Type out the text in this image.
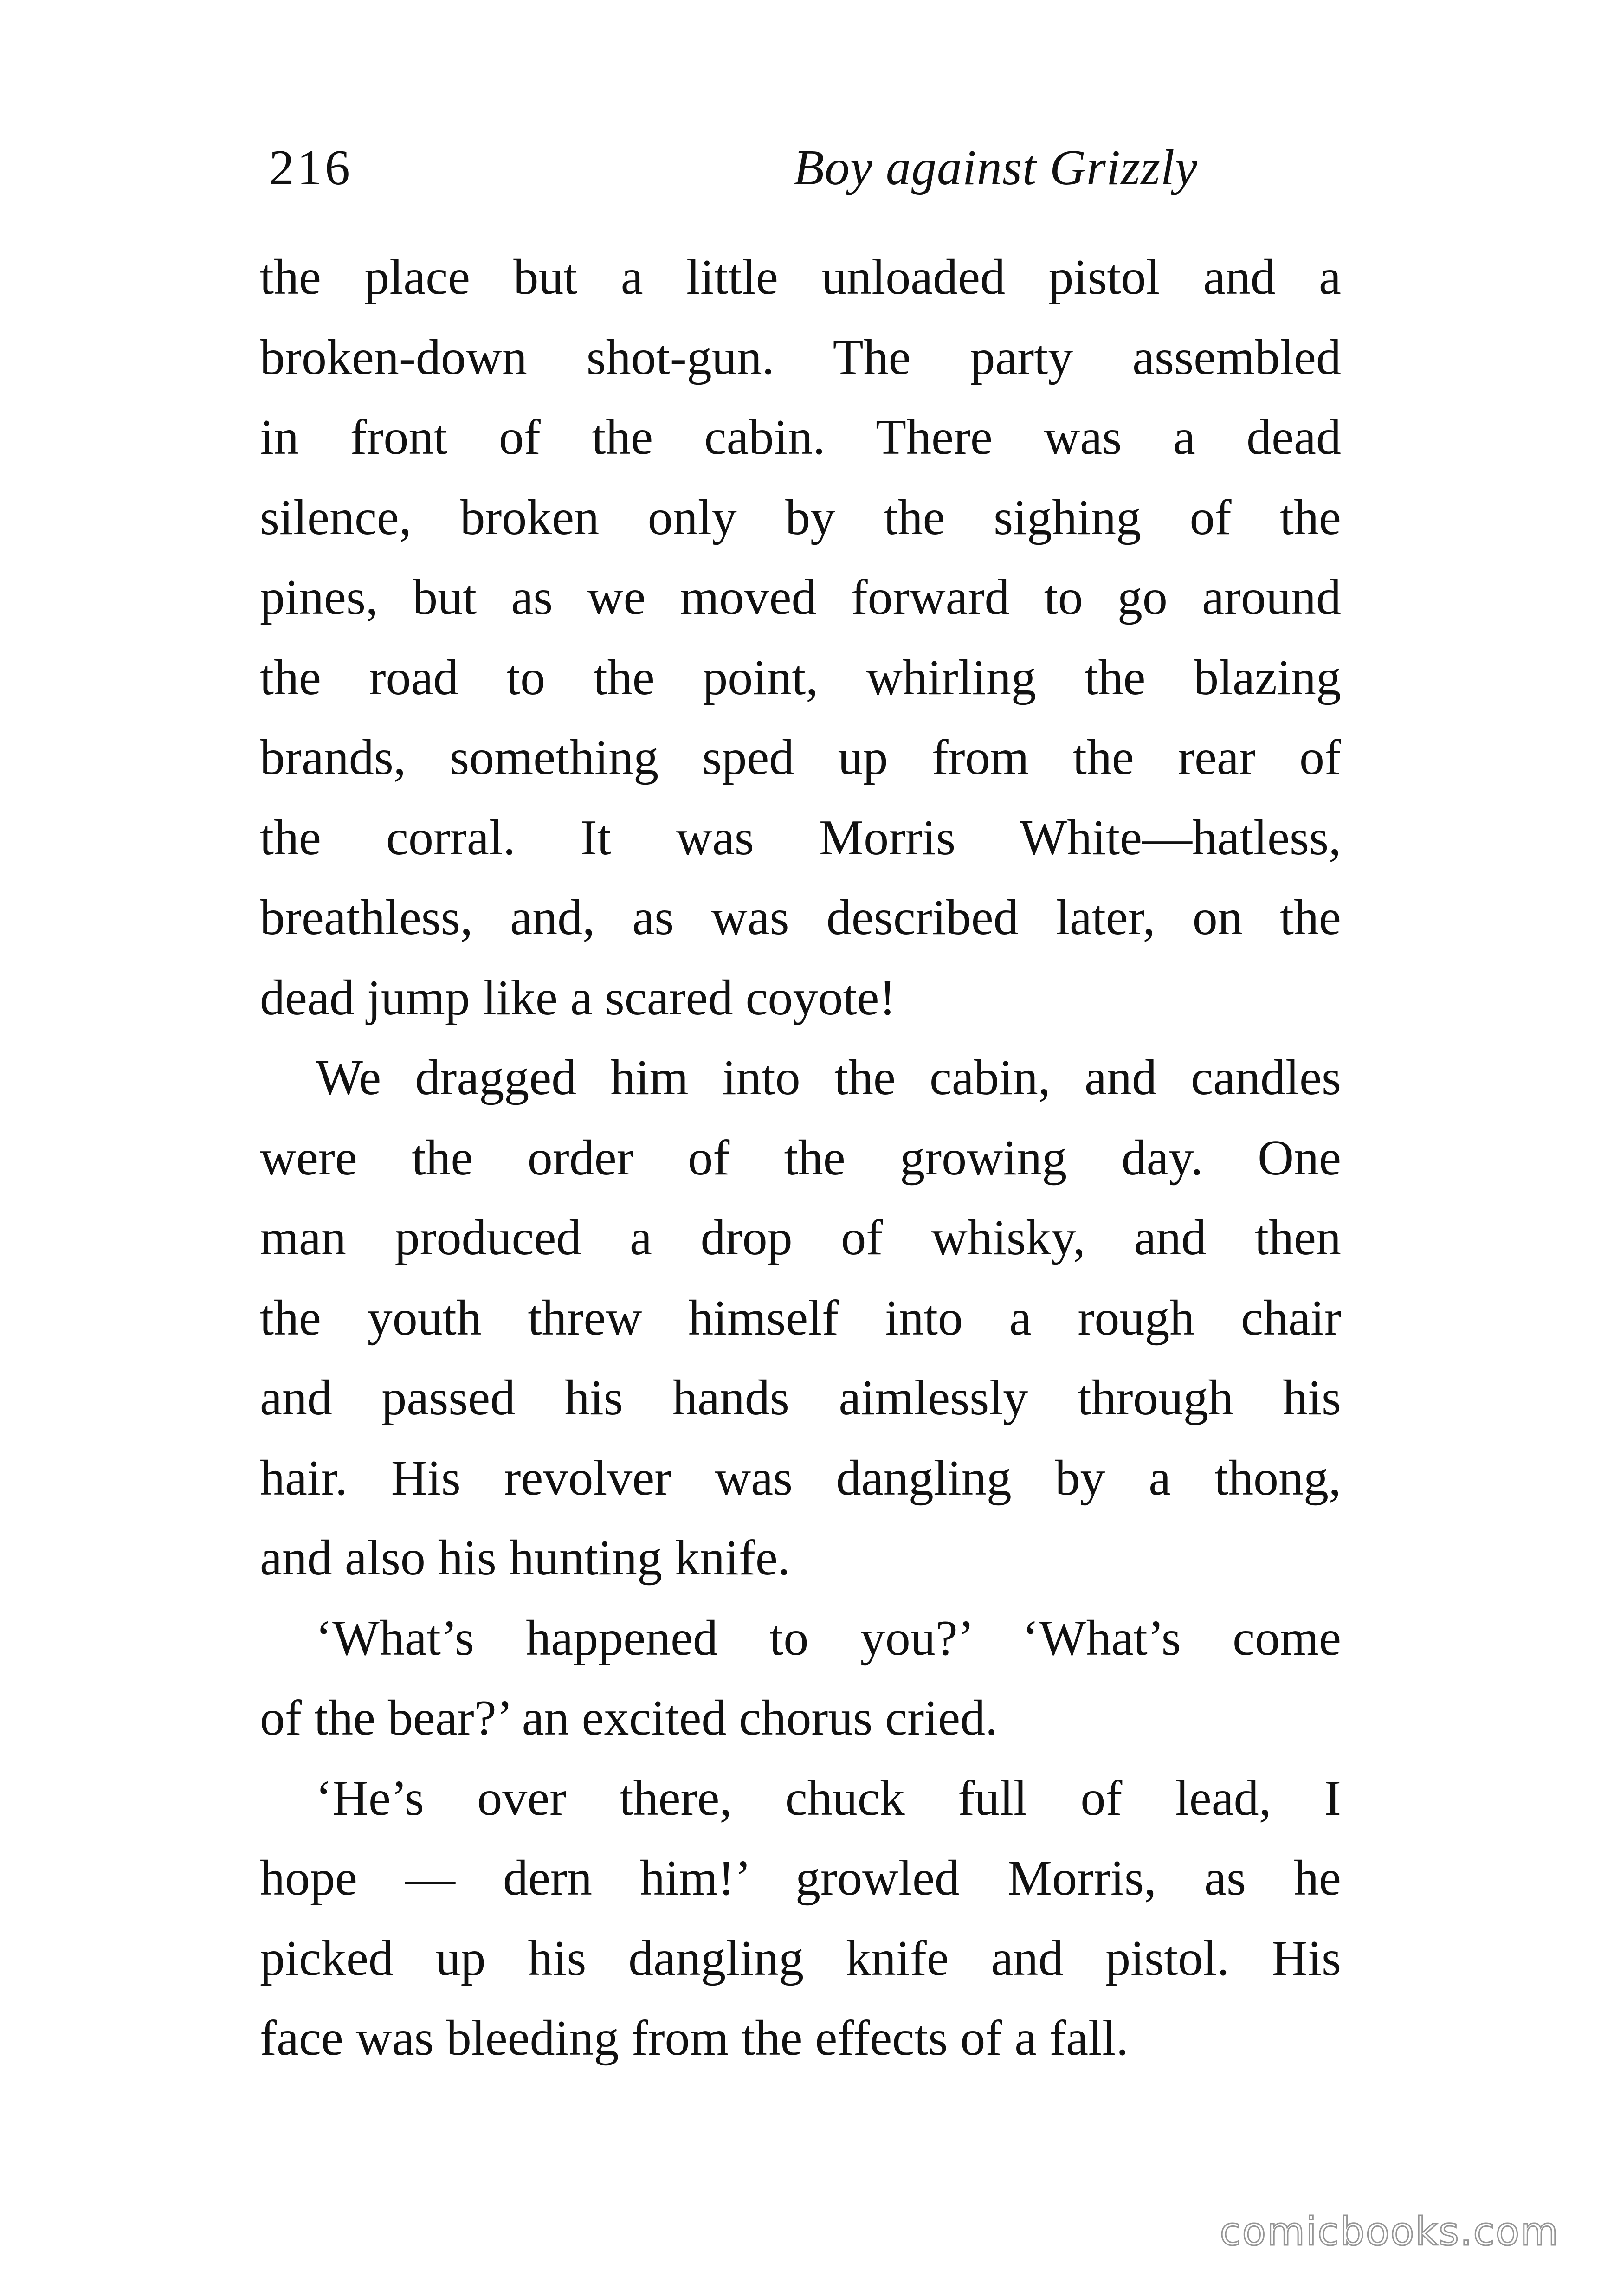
216	Boy against Grizzly
the place but a little unloaded pistol and a
broken-down shot-gun. The party assembled
in front of the cabin. There was a dead
silence, broken only by the sighing of the
pines, but as we moved forward to go around
the road to the point, whirling the blazing
brands, something sped up from the rear of
the corral. It was Morris White—hatless,
breathless, and, as was described later, on the
dead jump like a scared coyote!
We dragged him into the cabin, and candles
were the order of the growing day. One
man produced a drop of whisky, and then
the youth threw himself into a rough chair
and passed his hands aimlessly through his
hair. His revolver was dangling by a thong,
and also his hunting knife.
‘What’s happened to you?’ ‘What’s come
of the bear?’ an excited chorus cried.
‘He’s over there, chuck full of lead, I
hope — dern him!’ growled Morris, as he
picked up his dangling knife and pistol. His
face was bleeding from the effects of a fall.
comicbooks.com
